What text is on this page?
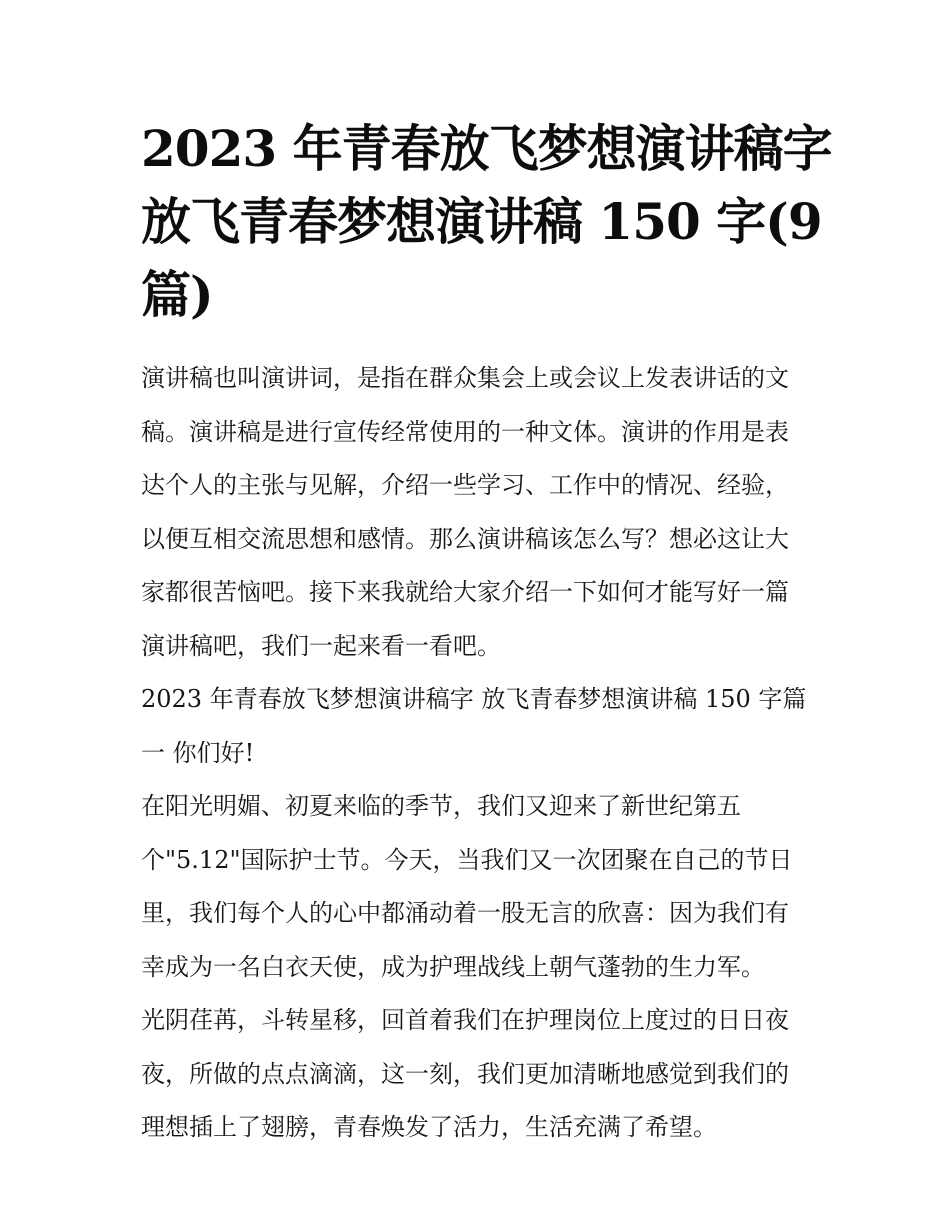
2023 年青春放飞梦想演讲稿字
放飞青春梦想演讲稿 150 字(9
篇)
演讲稿也叫演讲词，是指在群众集会上或会议上发表讲话的文
稿。演讲稿是进行宣传经常使用的一种文体。演讲的作用是表
达个人的主张与见解，介绍一些学习、工作中的情况、经验，
以便互相交流思想和感情。那么演讲稿该怎么写？想必这让大
家都很苦恼吧。接下来我就给大家介绍一下如何才能写好一篇
演讲稿吧，我们一起来看一看吧。
2023 年青春放飞梦想演讲稿字 放飞青春梦想演讲稿 150 字篇
一 你们好!
在阳光明媚、初夏来临的季节，我们又迎来了新世纪第五
个"5.12"国际护士节。今天，当我们又一次团聚在自己的节日
里，我们每个人的心中都涌动着一股无言的欣喜：因为我们有
幸成为一名白衣天使，成为护理战线上朝气蓬勃的生力军。
光阴荏苒，斗转星移，回首着我们在护理岗位上度过的日日夜
夜，所做的点点滴滴，这一刻，我们更加清晰地感觉到我们的
理想插上了翅膀，青春焕发了活力，生活充满了希望。
